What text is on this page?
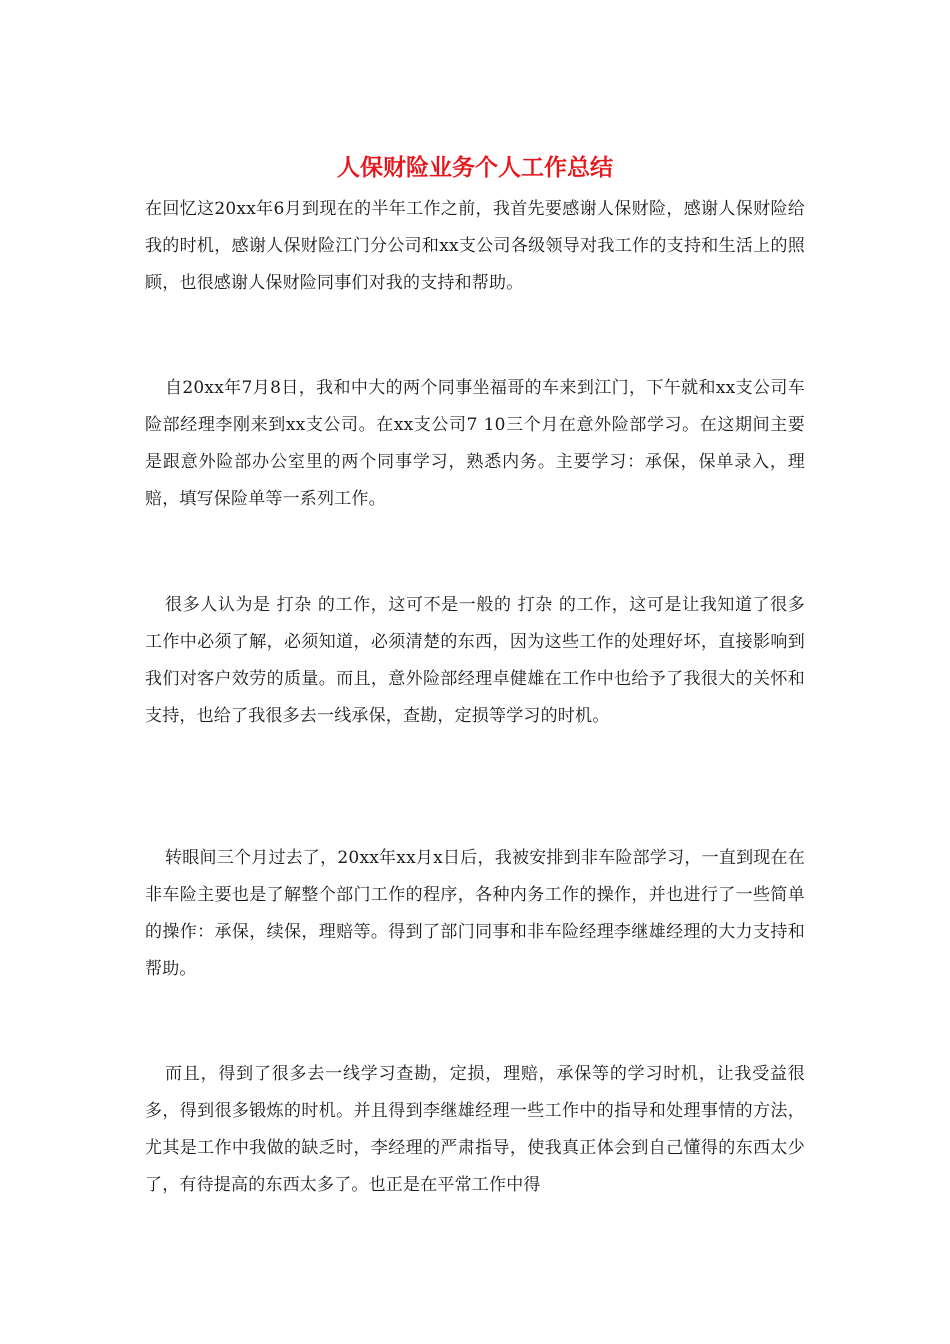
人保财险业务个人工作总结

在回忆这20xx年6月到现在的半年工作之前，我首先要感谢人保财险，感谢人保财险给我的时机，感谢人保财险江门分公司和xx支公司各级领导对我工作的支持和生活上的照顾，也很感谢人保财险同事们对我的支持和帮助。

自20xx年7月8日，我和中大的两个同事坐福哥的车来到江门，下午就和xx支公司车险部经理李刚来到xx支公司。在xx支公司7 10三个月在意外险部学习。在这期间主要是跟意外险部办公室里的两个同事学习，熟悉内务。主要学习：承保，保单录入，理赔，填写保险单等一系列工作。

很多人认为是 打杂 的工作，这可不是一般的 打杂 的工作，这可是让我知道了很多工作中必须了解，必须知道，必须清楚的东西，因为这些工作的处理好坏，直接影响到我们对客户效劳的质量。而且，意外险部经理卓健雄在工作中也给予了我很大的关怀和支持，也给了我很多去一线承保，查勘，定损等学习的时机。

转眼间三个月过去了，20xx年xx月x日后，我被安排到非车险部学习，一直到现在在非车险主要也是了解整个部门工作的程序，各种内务工作的操作，并也进行了一些简单的操作：承保，续保，理赔等。得到了部门同事和非车险经理李继雄经理的大力支持和帮助。

而且，得到了很多去一线学习查勘，定损，理赔，承保等的学习时机，让我受益很多，得到很多锻炼的时机。并且得到李继雄经理一些工作中的指导和处理事情的方法，尤其是工作中我做的缺乏时，李经理的严肃指导，使我真正体会到自己懂得的东西太少了，有待提高的东西太多了。也正是在平常工作中得
